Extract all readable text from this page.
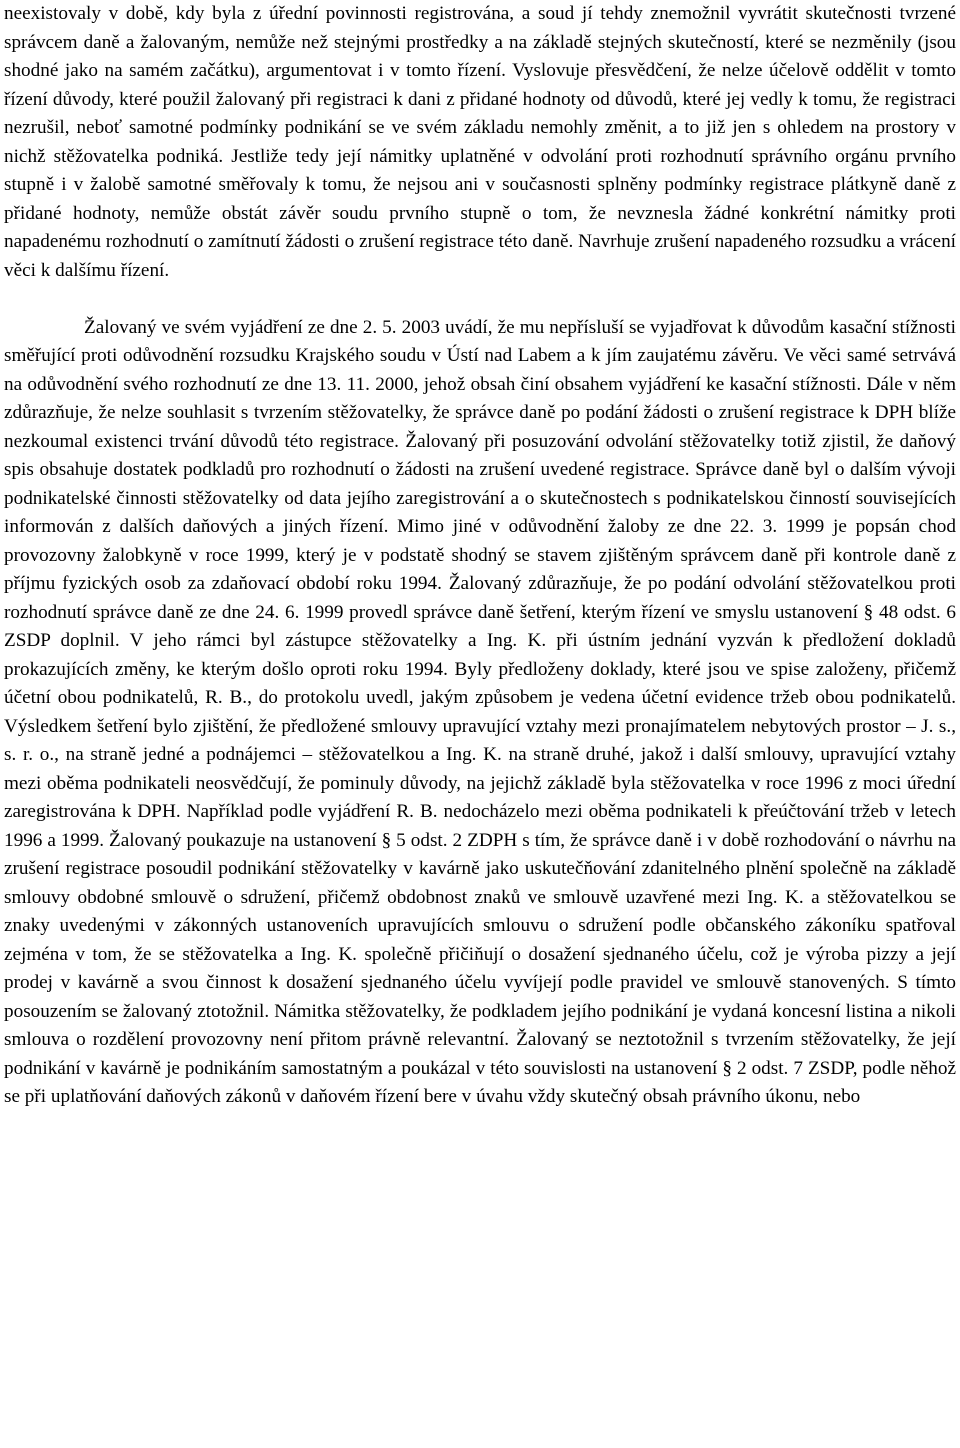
neexistovaly v době, kdy byla z úřední povinnosti registrována, a soud jí tehdy znemožnil vyvrátit skutečnosti tvrzené správcem daně a žalovaným, nemůže než stejnými prostředky a na základě stejných skutečností, které se nezměnily (jsou shodné jako na samém začátku), argumentovat i v tomto řízení. Vyslovuje přesvědčení, že nelze účelově oddělit v tomto řízení důvody, které použil žalovaný při registraci k dani z přidané hodnoty od důvodů, které jej vedly k tomu, že registraci nezrušil, neboť samotné podmínky podnikání se ve svém základu nemohly změnit, a to již jen s ohledem na prostory v nichž stěžovatelka podniká. Jestliže tedy její námitky uplatněné v odvolání proti rozhodnutí správního orgánu prvního stupně i v žalobě samotné směřovaly k tomu, že nejsou ani v současnosti splněny podmínky registrace plátkyně daně z přidané hodnoty, nemůže obstát závěr soudu prvního stupně o tom, že nevznesla žádné konkrétní námitky proti napadenému rozhodnutí o zamítnutí žádosti o zrušení registrace této daně. Navrhuje zrušení napadeného rozsudku a vrácení věci k dalšímu řízení.

Žalovaný ve svém vyjádření ze dne 2. 5. 2003 uvádí, že mu nepřísluší se vyjadřovat k důvodům kasační stížnosti směřující proti odůvodnění rozsudku Krajského soudu v Ústí nad Labem a k jím zaujatému závěru. Ve věci samé setrvává na odůvodnění svého rozhodnutí ze dne 13. 11. 2000, jehož obsah činí obsahem vyjádření ke kasační stížnosti. Dále v něm zdůrazňuje, že nelze souhlasit s tvrzením stěžovatelky, že správce daně po podání žádosti o zrušení registrace k DPH blíže nezkoumal existenci trvání důvodů této registrace. Žalovaný při posuzování odvolání stěžovatelky totiž zjistil, že daňový spis obsahuje dostatek podkladů pro rozhodnutí o žádosti na zrušení uvedené registrace. Správce daně byl o dalším vývoji podnikatelské činnosti stěžovatelky od data jejího zaregistrování a o skutečnostech s podnikatelskou činností souvisejících informován z dalších daňových a jiných řízení. Mimo jiné v odůvodnění žaloby ze dne 22. 3. 1999 je popsán chod provozovny žalobkyně v roce 1999, který je v podstatě shodný se stavem zjištěným správcem daně při kontrole daně z příjmu fyzických osob za zdaňovací období roku 1994. Žalovaný zdůrazňuje, že po podání odvolání stěžovatelkou proti rozhodnutí správce daně ze dne 24. 6. 1999 provedl správce daně šetření, kterým řízení ve smyslu ustanovení § 48 odst. 6 ZSDP doplnil. V jeho rámci byl zástupce stěžovatelky a Ing. K. při ústním jednání vyzván k předložení dokladů prokazujících změny, ke kterým došlo oproti roku 1994. Byly předloženy doklady, které jsou ve spise založeny, přičemž účetní obou podnikatelů, R. B., do protokolu uvedl, jakým způsobem je vedena účetní evidence tržeb obou podnikatelů. Výsledkem šetření bylo zjištění, že předložené smlouvy upravující vztahy mezi pronajímatelem nebytových prostor – J. s., s. r. o., na straně jedné a podnájemci – stěžovatelkou a Ing. K. na straně druhé, jakož i další smlouvy, upravující vztahy mezi oběma podnikateli neosvědčují, že pominuly důvody, na jejichž základě byla stěžovatelka v roce 1996 z moci úřední zaregistrována k DPH. Například podle vyjádření R. B. nedocházelo mezi oběma podnikateli k přeúčtování tržeb v letech 1996 a 1999. Žalovaný poukazuje na ustanovení § 5 odst. 2 ZDPH s tím, že správce daně i v době rozhodování o návrhu na zrušení registrace posoudil podnikání stěžovatelky v kavárně jako uskutečňování zdanitelného plnění společně na základě smlouvy obdobné smlouvě o sdružení, přičemž obdobnost znaků ve smlouvě uzavřené mezi Ing. K. a stěžovatelkou se znaky uvedenými v zákonných ustanoveních upravujících smlouvu o sdružení podle občanského zákoníku spatřoval zejména v tom, že se stěžovatelka a Ing. K. společně přičiňují o dosažení sjednaného účelu, což je výroba pizzy a její prodej v kavárně a svou činnost k dosažení sjednaného účelu vyvíjejí podle pravidel ve smlouvě stanovených. S tímto posouzením se žalovaný ztotožnil. Námitka stěžovatelky, že podkladem jejího podnikání je vydaná koncesní listina a nikoli smlouva o rozdělení provozovny není přitom právně relevantní. Žalovaný se neztotožnil s tvrzením stěžovatelky, že její podnikání v kavárně je podnikáním samostatným a poukázal v této souvislosti na ustanovení § 2 odst. 7 ZSDP, podle něhož se při uplatňování daňových zákonů v daňovém řízení bere v úvahu vždy skutečný obsah právního úkonu, nebo
